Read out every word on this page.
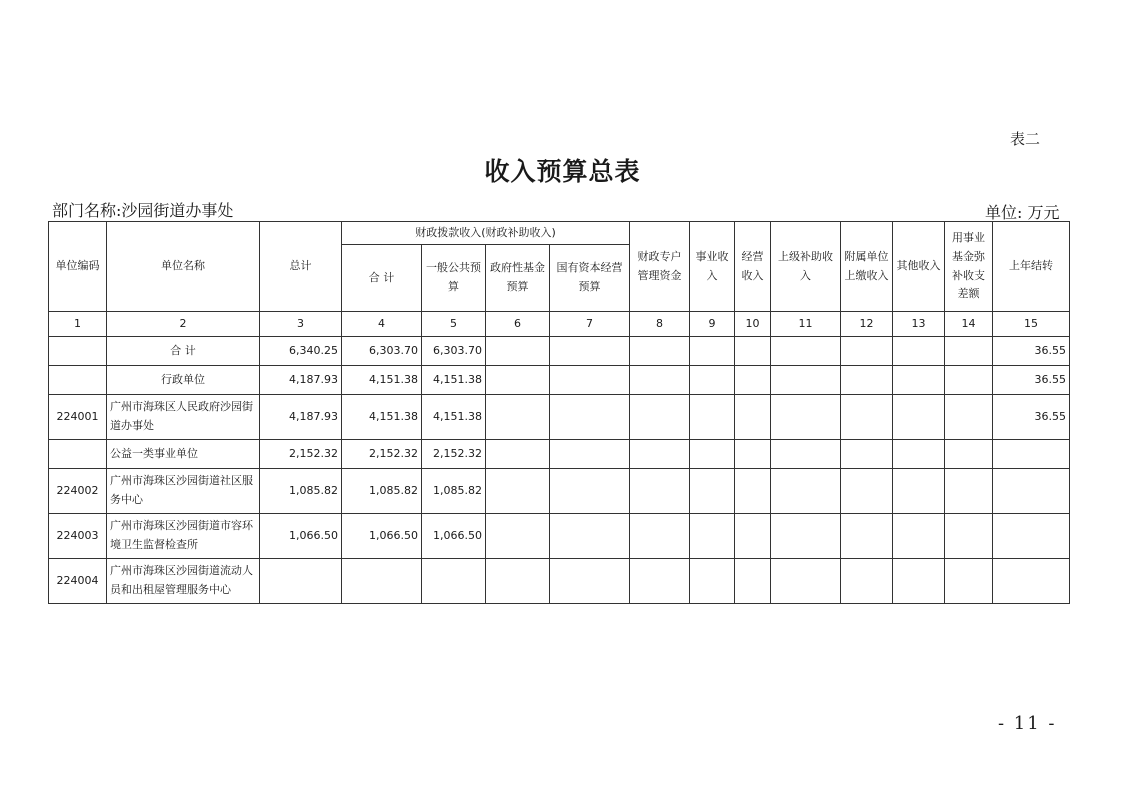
表二
收入预算总表
部门名称:沙园街道办事处	单位: 万元
单位编码	单位名称	总计	财政拨款收入(财政补助收入)				财政专户管理资金	事业收入	经营收入	上级补助收入	附属单位上缴收入	其他收入	用事业基金弥补收支差额	上年结转
			合 计	一般公共预算	政府性基金预算	国有资本经营预算								
1	2	3	4	5	6	7	8	9	10	11	12	13	14	15
	合 计	6,340.25	6,303.70	6,303.70										36.55
	行政单位	4,187.93	4,151.38	4,151.38										36.55
224001	广州市海珠区人民政府沙园街道办事处	4,187.93	4,151.38	4,151.38										36.55
	公益一类事业单位	2,152.32	2,152.32	2,152.32										
224002	广州市海珠区沙园街道社区服务中心	1,085.82	1,085.82	1,085.82										
224003	广州市海珠区沙园街道市容环境卫生监督检查所	1,066.50	1,066.50	1,066.50										
224004	广州市海珠区沙园街道流动人员和出租屋管理服务中心													
- 11 -
